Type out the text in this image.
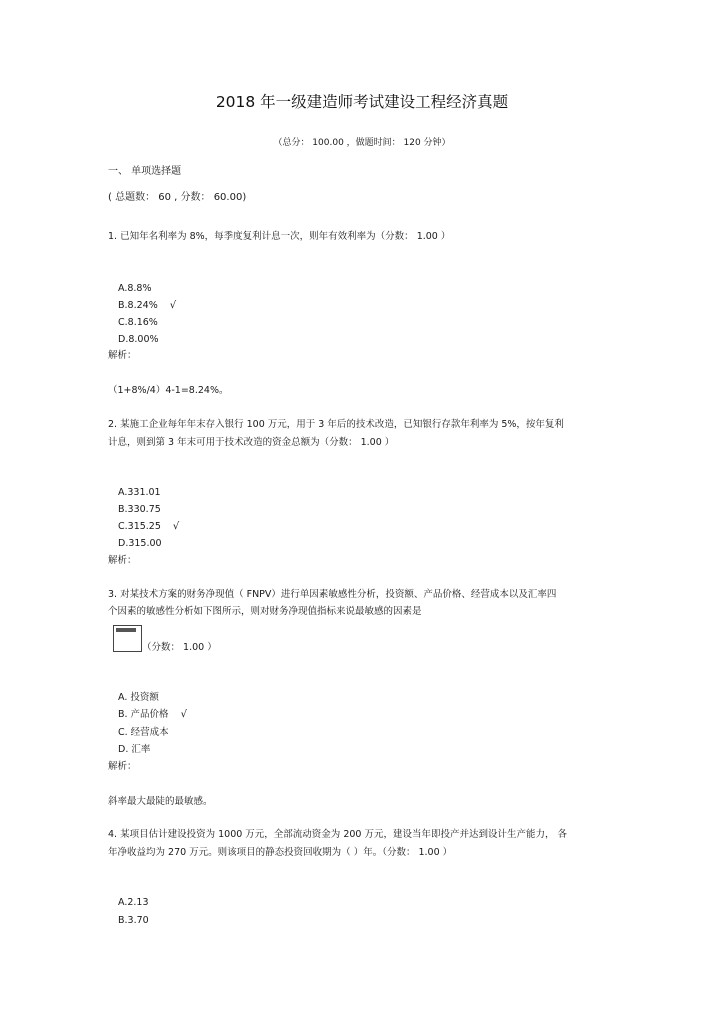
2018 年一级建造师考试建设工程经济真题
（总分： 100.00 ，做题时间： 120 分钟）
一、 单项选择题
( 总题数： 60 , 分数： 60.00)
1. 已知年名利率为 8%，每季度复利计息一次，则年有效利率为（分数： 1.00 ）
A.8.8%
B.8.24% √
C.8.16%
D.8.00%
解析：
（1+8%/4）4-1=8.24%。
2. 某施工企业每年年末存入银行 100 万元，用于 3 年后的技术改造，已知银行存款年利率为 5%，按年复利
计息，则到第 3 年末可用于技术改造的资金总额为（分数： 1.00 ）
A.331.01
B.330.75
C.315.25 √
D.315.00
解析：
3. 对某技术方案的财务净现值（ FNPV）进行单因素敏感性分析，投资额、产品价格、经营成本以及汇率四
个因素的敏感性分析如下图所示，则对财务净现值指标来说最敏感的因素是
（分数： 1.00 ）
A. 投资额
B. 产品价格 √
C. 经营成本
D. 汇率
解析：
斜率最大最陡的最敏感。
4. 某项目估计建设投资为 1000 万元，全部流动资金为 200 万元，建设当年即投产并达到设计生产能力， 各
年净收益均为 270 万元。则该项目的静态投资回收期为（ ）年。（分数： 1.00 ）
A.2.13
B.3.70
